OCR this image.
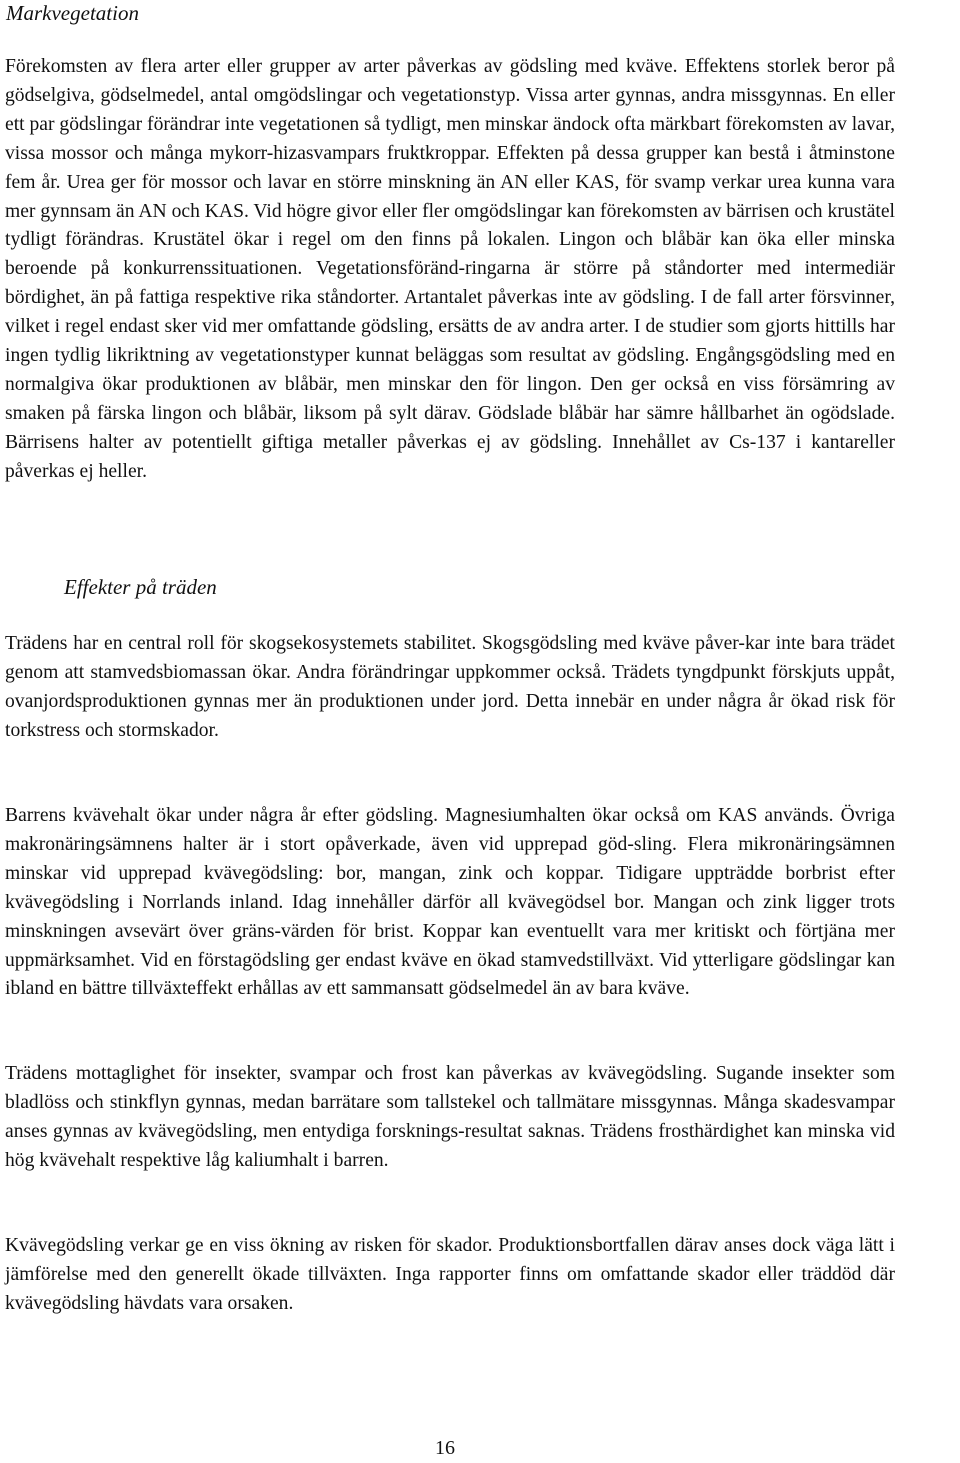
Markvegetation

Förekomsten av flera arter eller grupper av arter påverkas av gödsling med kväve. Effektens storlek beror på gödselgiva, gödselmedel, antal omgödslingar och vegetationstyp. Vissa arter gynnas, andra missgynnas. En eller ett par gödslingar förändrar inte vegetationen så tydligt, men minskar ändock ofta märkbart förekomsten av lavar, vissa mossor och många mykorr-hizasvampars fruktkroppar. Effekten på dessa grupper kan bestå i åtminstone fem år. Urea ger för mossor och lavar en större minskning än AN eller KAS, för svamp verkar urea kunna vara mer gynnsam än AN och KAS. Vid högre givor eller fler omgödslingar kan förekomsten av bärrisen och krustätel tydligt förändras. Krustätel ökar i regel om den finns på lokalen. Lingon och blåbär kan öka eller minska beroende på konkurrenssituationen. Vegetationsföränd-ringarna är större på ståndorter med intermediär bördighet, än på fattiga respektive rika ståndorter. Artantalet påverkas inte av gödsling. I de fall arter försvinner, vilket i regel endast sker vid mer omfattande gödsling, ersätts de av andra arter. I de studier som gjorts hittills har ingen tydlig likriktning av vegetationstyper kunnat beläggas som resultat av gödsling. Engångsgödsling med en normalgiva ökar produktionen av blåbär, men minskar den för lingon. Den ger också en viss försämring av smaken på färska lingon och blåbär, liksom på sylt därav. Gödslade blåbär har sämre hållbarhet än ogödslade. Bärrisens halter av potentiellt giftiga metaller påverkas ej av gödsling. Innehållet av Cs-137 i kantareller påverkas ej heller.

Effekter på träden

Trädens har en central roll för skogsekosystemets stabilitet. Skogsgödsling med kväve påver-kar inte bara trädet genom att stamvedsbiomassan ökar. Andra förändringar uppkommer också. Trädets tyngdpunkt förskjuts uppåt, ovanjordsproduktionen gynnas mer än produktionen under jord. Detta innebär en under några år ökad risk för torkstress och stormskador.

Barrens kvävehalt ökar under några år efter gödsling. Magnesiumhalten ökar också om KAS används. Övriga makronäringsämnens halter är i stort opåverkade, även vid upprepad göd-sling. Flera mikronäringsämnen minskar vid upprepad kvävegödsling: bor, mangan, zink och koppar. Tidigare uppträdde borbrist efter kvävegödsling i Norrlands inland. Idag innehåller därför all kvävegödsel bor. Mangan och zink ligger trots minskningen avsevärt över gräns-värden för brist. Koppar kan eventuellt vara mer kritiskt och förtjäna mer uppmärksamhet. Vid en förstagödsling ger endast kväve en ökad stamvedstillväxt. Vid ytterligare gödslingar kan ibland en bättre tillväxteffekt erhållas av ett sammansatt gödselmedel än av bara kväve.

Trädens mottaglighet för insekter, svampar och frost kan påverkas av kvävegödsling. Sugande insekter som bladlöss och stinkflyn gynnas, medan barrätare som tallstekel och tallmätare missgynnas. Många skadesvampar anses gynnas av kvävegödsling, men entydiga forsknings-resultat saknas. Trädens frosthärdighet kan minska vid hög kvävehalt respektive låg kaliumhalt i barren.

Kvävegödsling verkar ge en viss ökning av risken för skador. Produktionsbortfallen därav anses dock väga lätt i jämförelse med den generellt ökade tillväxten. Inga rapporter finns om omfattande skador eller träddöd där kvävegödsling hävdats vara orsaken.

16
